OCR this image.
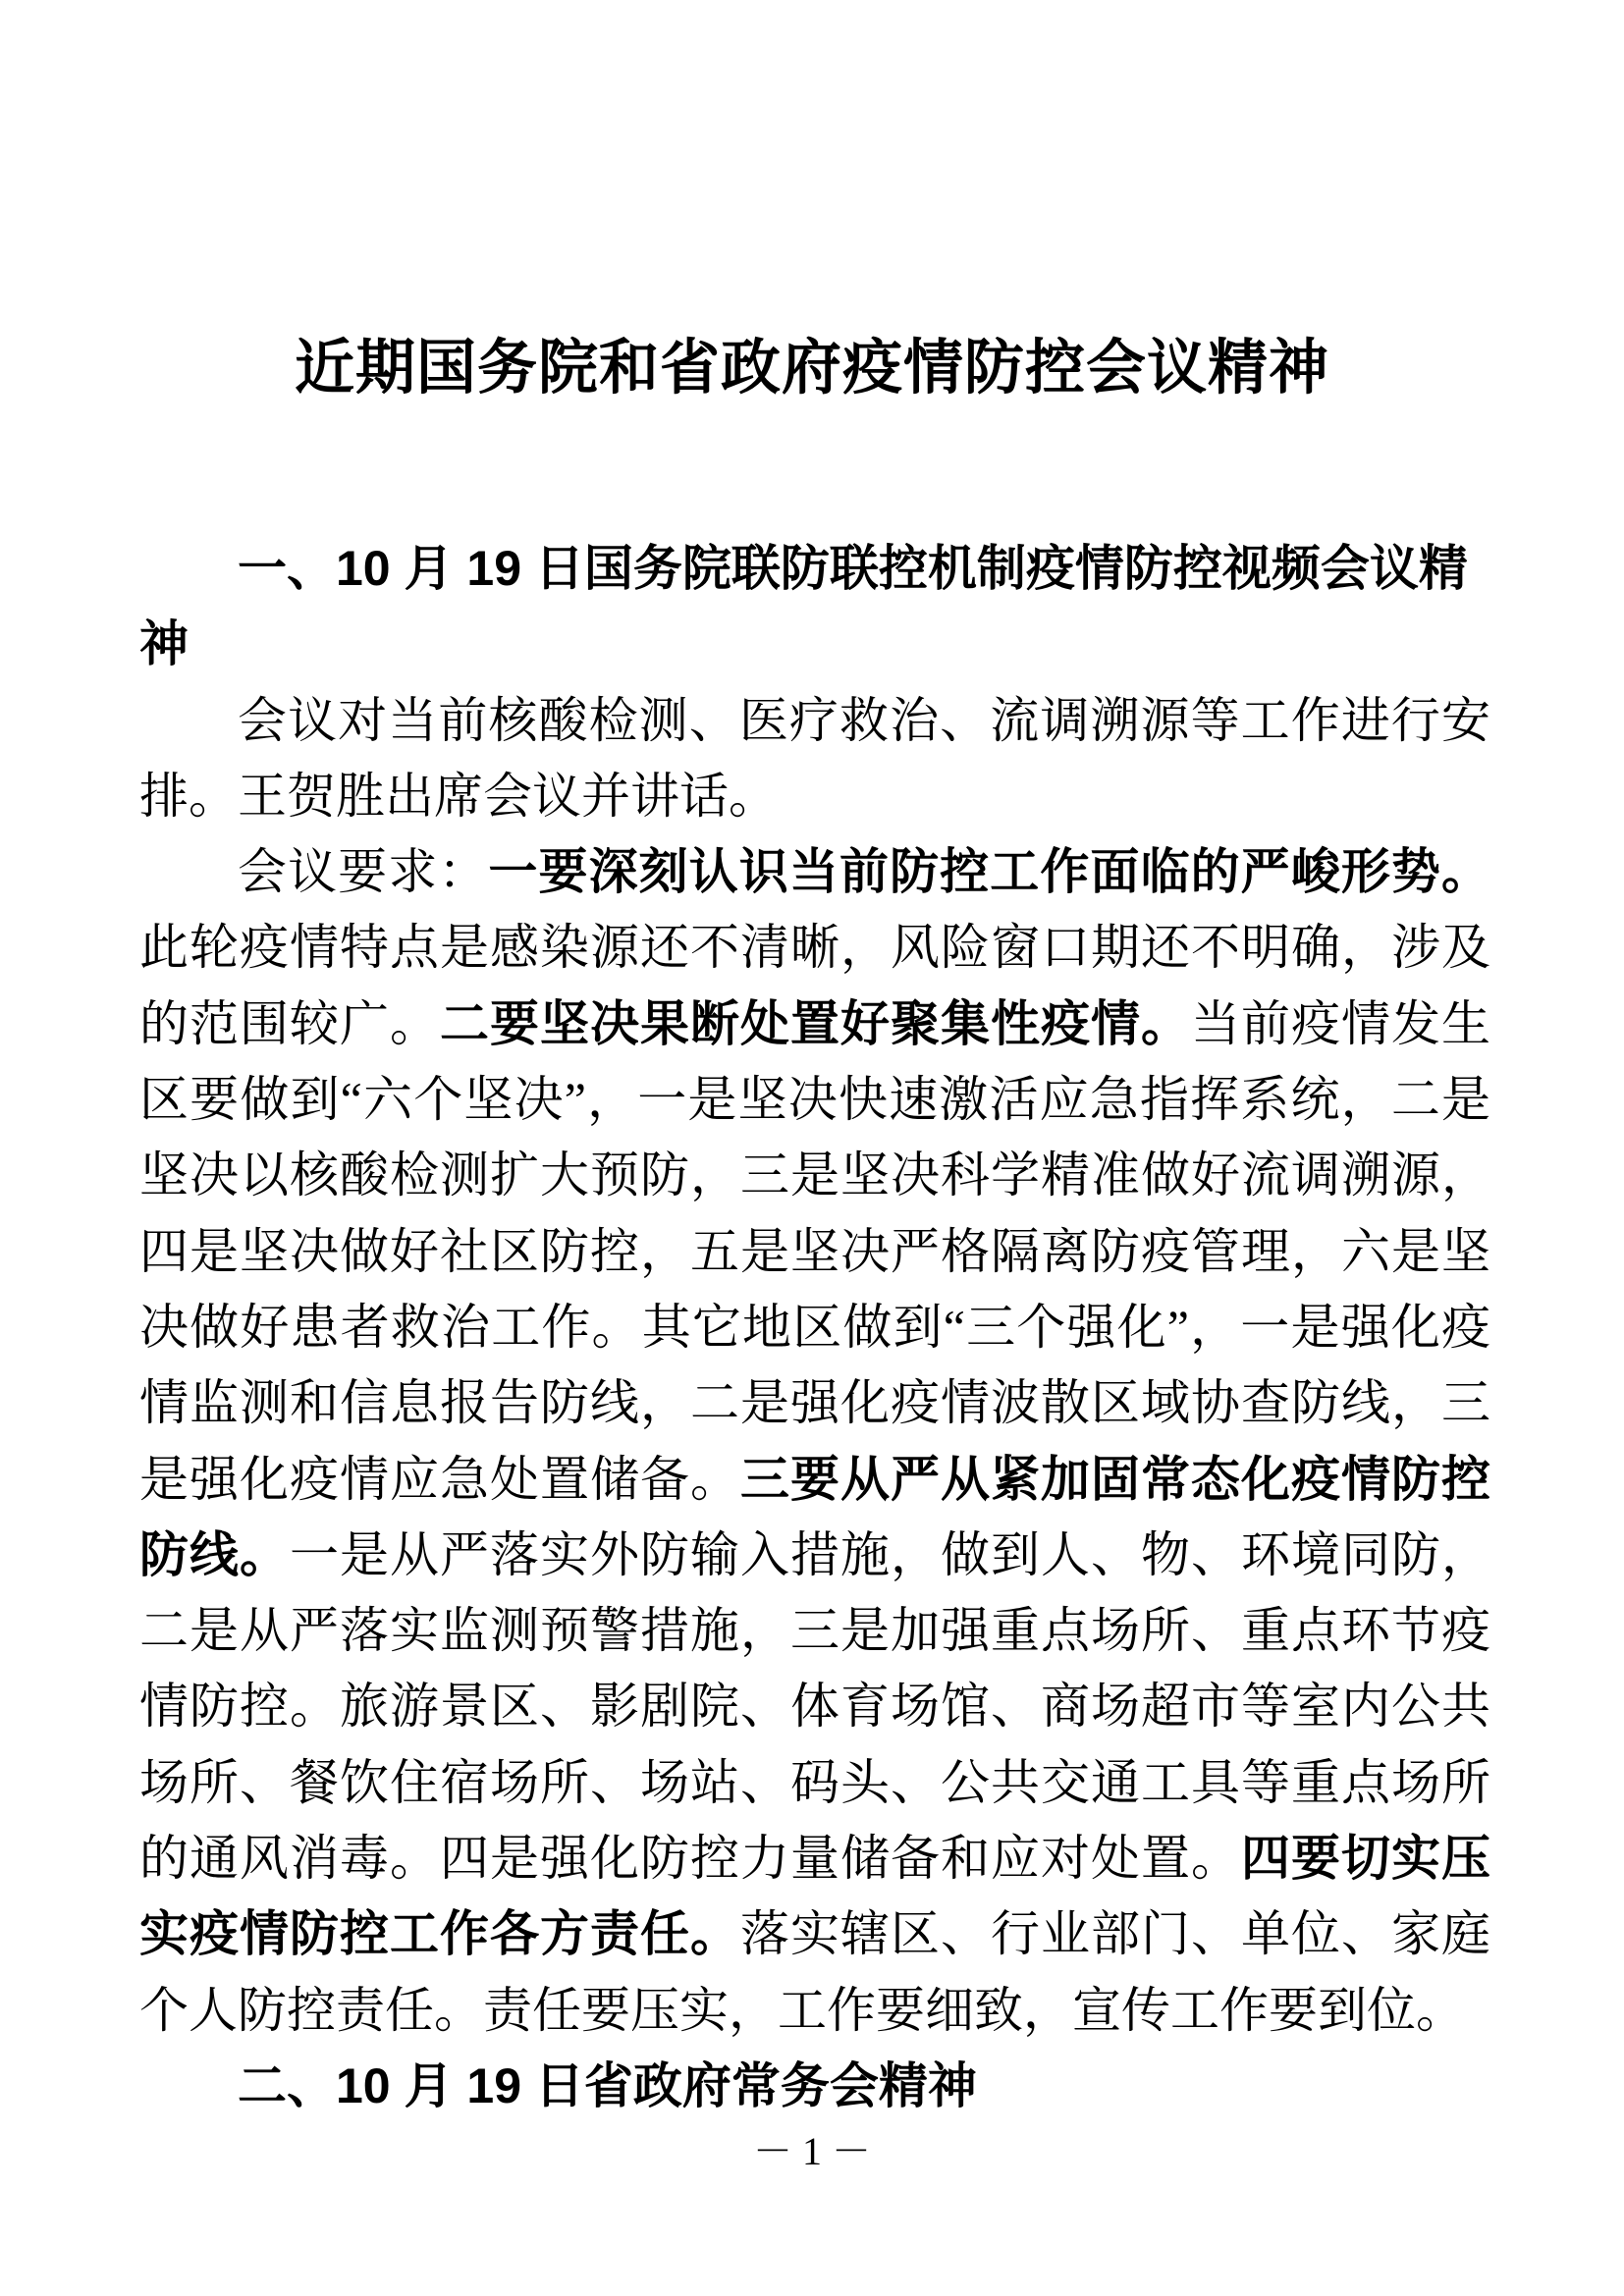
近期国务院和省政府疫情防控会议精神

一、10 月 19 日国务院联防联控机制疫情防控视频会议精神

会议对当前核酸检测、医疗救治、流调溯源等工作进行安排。王贺胜出席会议并讲话。

会议要求：一要深刻认识当前防控工作面临的严峻形势。此轮疫情特点是感染源还不清晰，风险窗口期还不明确，涉及的范围较广。二要坚决果断处置好聚集性疫情。当前疫情发生区要做到“六个坚决”，一是坚决快速激活应急指挥系统，二是坚决以核酸检测扩大预防，三是坚决科学精准做好流调溯源，四是坚决做好社区防控，五是坚决严格隔离防疫管理，六是坚决做好患者救治工作。其它地区做到“三个强化”，一是强化疫情监测和信息报告防线，二是强化疫情波散区域协查防线，三是强化疫情应急处置储备。三要从严从紧加固常态化疫情防控防线。一是从严落实外防输入措施，做到人、物、环境同防，二是从严落实监测预警措施，三是加强重点场所、重点环节疫情防控。旅游景区、影剧院、体育场馆、商场超市等室内公共场所、餐饮住宿场所、场站、码头、公共交通工具等重点场所的通风消毒。四是强化防控力量储备和应对处置。四要切实压实疫情防控工作各方责任。落实辖区、行业部门、单位、家庭个人防控责任。责任要压实，工作要细致，宣传工作要到位。

二、10 月 19 日省政府常务会精神

－ 1 －
